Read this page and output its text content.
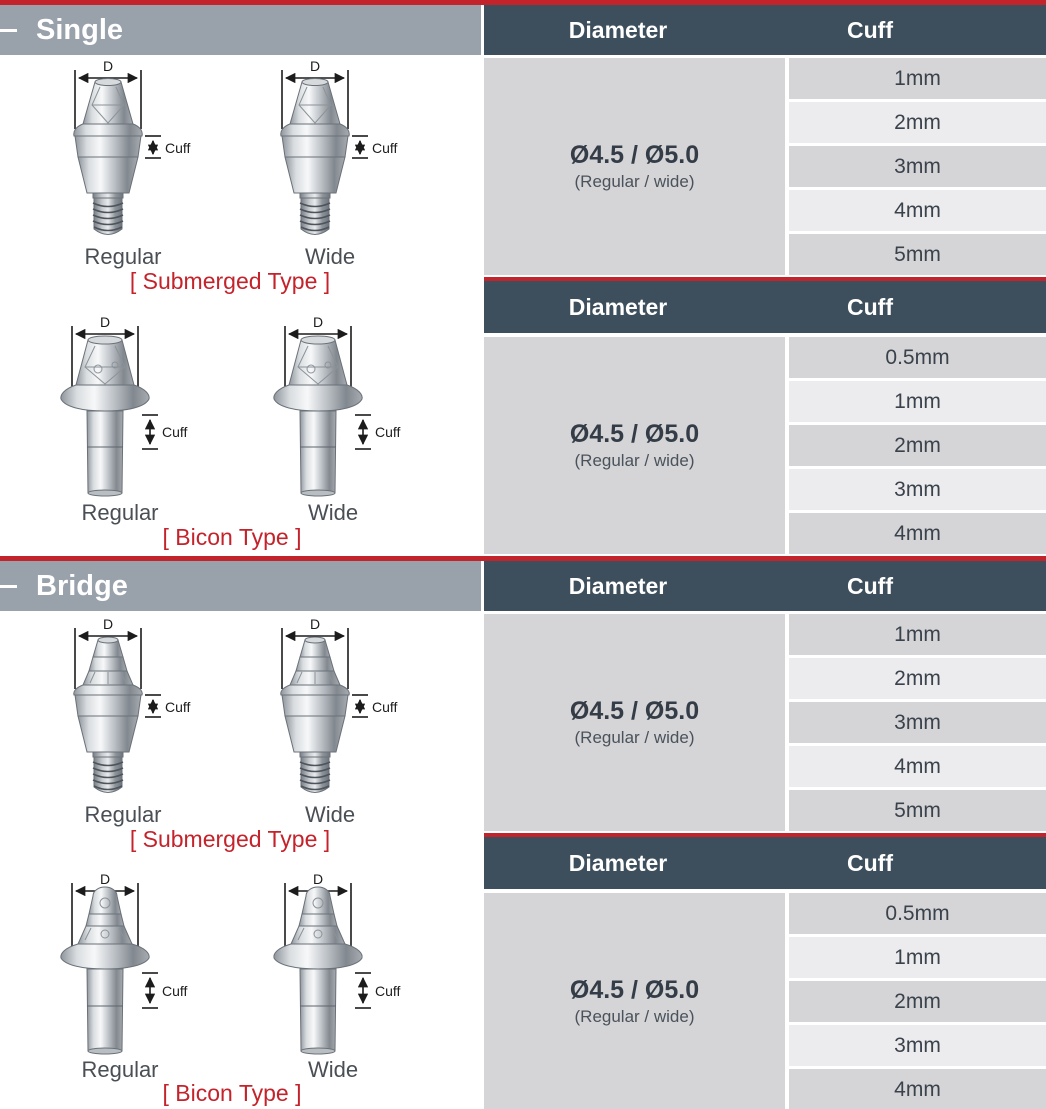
Single	Diameter	Cuff
Ø4.5 / Ø5.0
(Regular / wide)
1mm
2mm
3mm
4mm
5mm
Diameter	Cuff
Ø4.5 / Ø5.0
(Regular / wide)
0.5mm
1mm
2mm
3mm
4mm
D
Cuff
D
Cuff
Regular	Wide
[ Submerged Type ]
D
Cuff
D
Cuff
Regular	Wide
[ Bicon Type ]
Bridge	Diameter	Cuff
Ø4.5 / Ø5.0
(Regular / wide)
1mm
2mm
3mm
4mm
5mm
Diameter	Cuff
Ø4.5 / Ø5.0
(Regular / wide)
0.5mm
1mm
2mm
3mm
4mm
D
Cuff
D
Cuff
Regular	Wide
[ Submerged Type ]
D
Cuff
D
Cuff
Regular	Wide
[ Bicon Type ]
